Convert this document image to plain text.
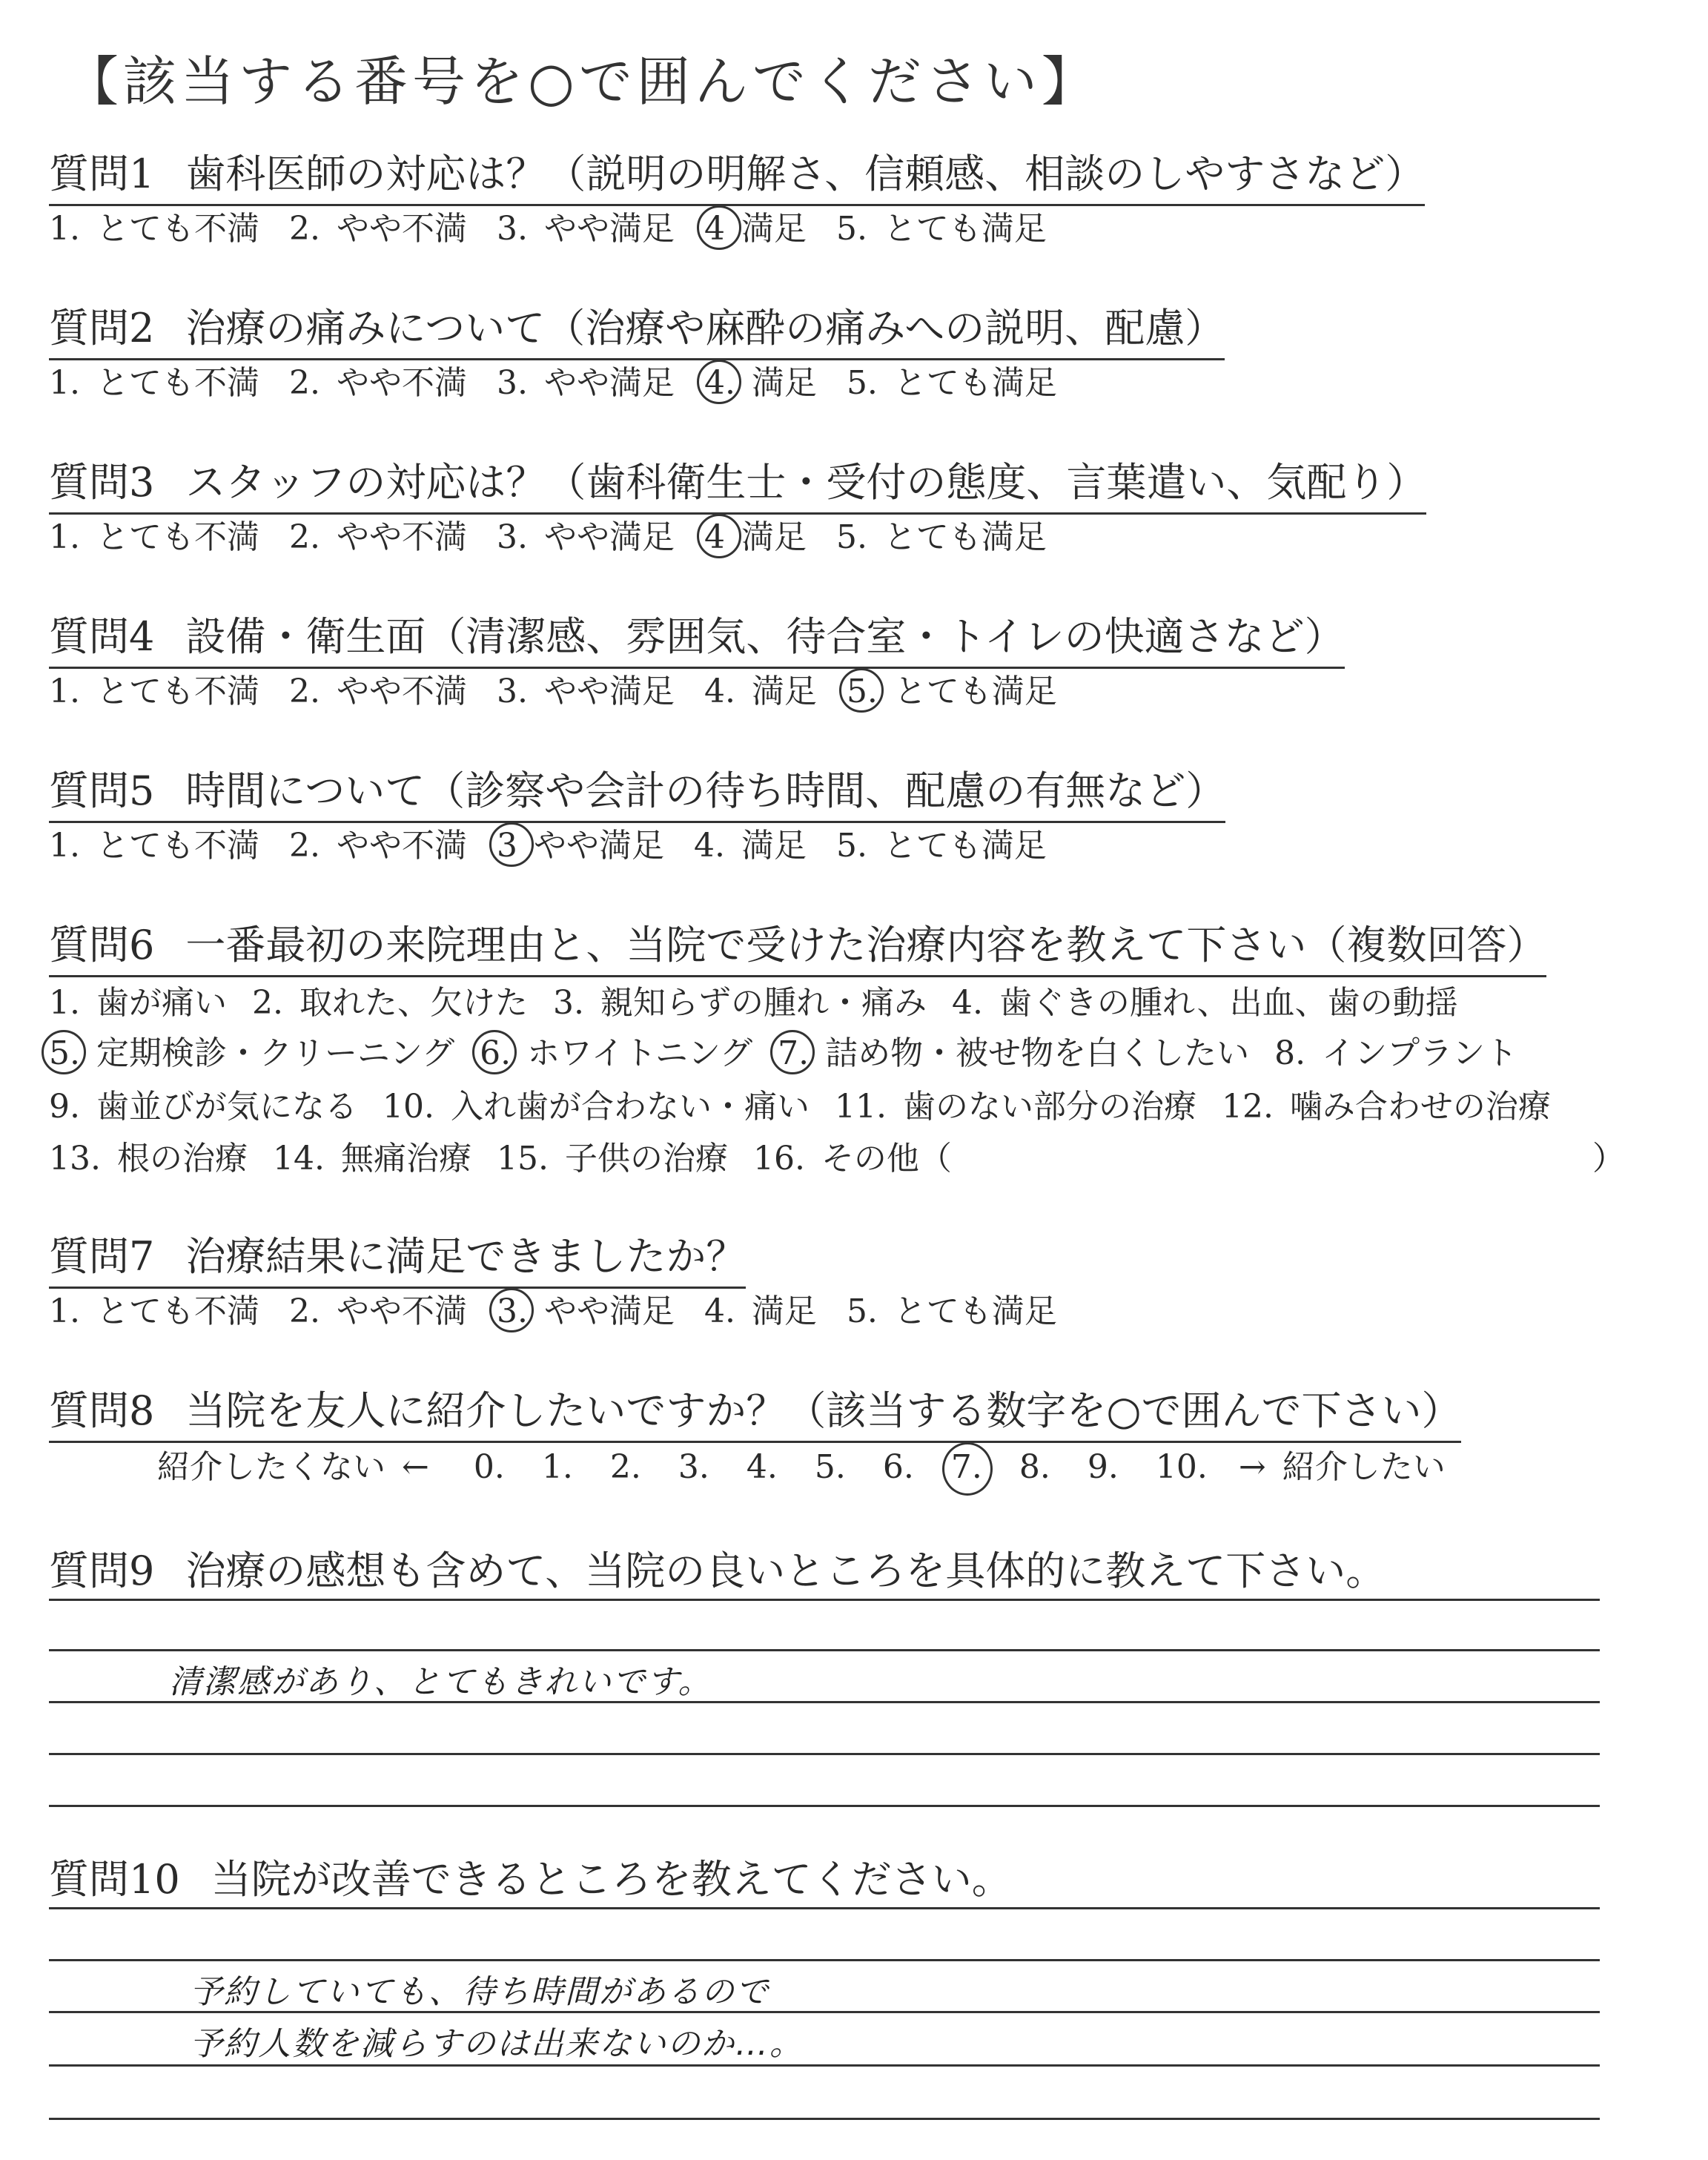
【該当する番号を○で囲んでください】
質問1 歯科医師の対応は？（説明の明解さ、信頼感、相談のしやすさなど）
1. とても不満 2. やや不満 3. やや満足 4 満足 5. とても満足
質問2 治療の痛みについて（治療や麻酔の痛みへの説明、配慮）
1. とても不満 2. やや不満 3. やや満足 4. 満足 5. とても満足
質問3 スタッフの対応は？（歯科衛生士・受付の態度、言葉遣い、気配り）
1. とても不満 2. やや不満 3. やや満足 4 満足 5. とても満足
質問4 設備・衛生面（清潔感、雰囲気、待合室・トイレの快適さなど）
1. とても不満 2. やや不満 3. やや満足 4. 満足 5. とても満足
質問5 時間について（診察や会計の待ち時間、配慮の有無など）
1. とても不満 2. やや不満 3 やや満足 4. 満足 5. とても満足
質問6 一番最初の来院理由と、当院で受けた治療内容を教えて下さい（複数回答）
1. 歯が痛い 2. 取れた、欠けた 3. 親知らずの腫れ・痛み 4. 歯ぐきの腫れ、出血、歯の動揺
5. 定期検診・クリーニング 6. ホワイトニング 7. 詰め物・被せ物を白くしたい 8. インプラント
9. 歯並びが気になる 10. 入れ歯が合わない・痛い 11. 歯のない部分の治療 12. 噛み合わせの治療
13. 根の治療 14. 無痛治療 15. 子供の治療 16. その他（	）
質問7 治療結果に満足できましたか？
1. とても不満 2. やや不満 3. やや満足 4. 満足 5. とても満足
質問8 当院を友人に紹介したいですか？（該当する数字を○で囲んで下さい）
紹介したくない ← 0. 1. 2. 3. 4. 5. 6. 7. 8. 9. 10. → 紹介したい
質問9 治療の感想も含めて、当院の良いところを具体的に教えて下さい。
清潔感があり、とてもきれいです。
質問10 当院が改善できるところを教えてください。
予約していても、待ち時間があるので
予約人数を減らすのは出来ないのか…。
